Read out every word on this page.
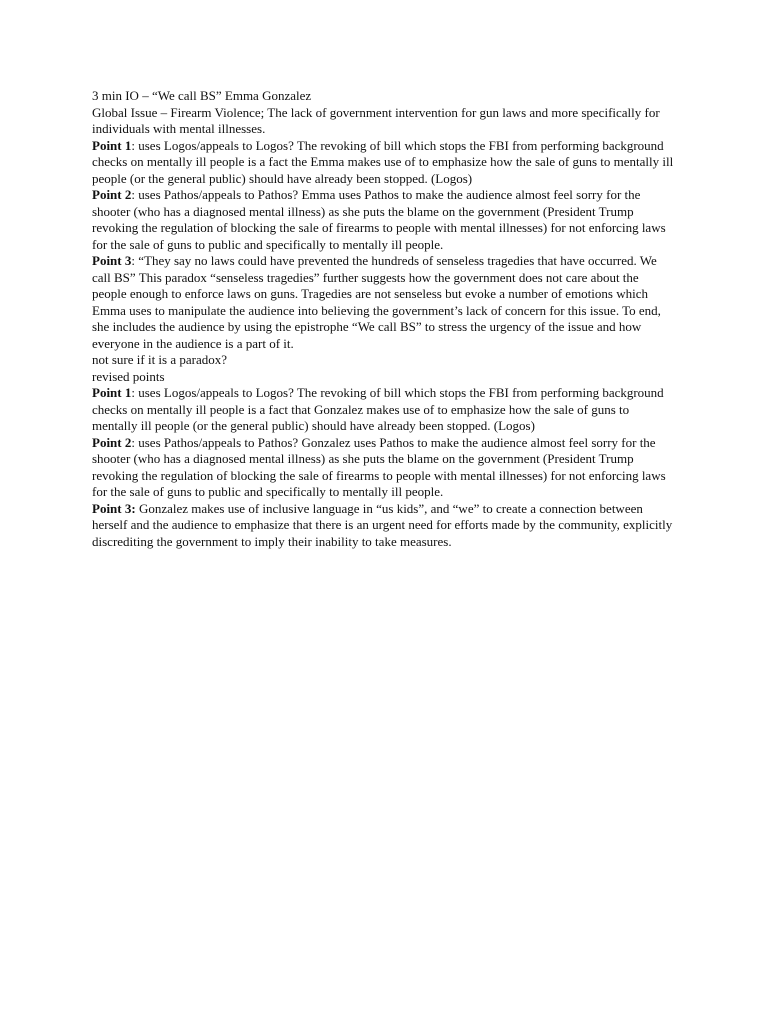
3 min IO – “We call BS” Emma Gonzalez

Global Issue – Firearm Violence; The lack of government intervention for gun laws and more specifically for individuals with mental illnesses.

Point 1: uses Logos/appeals to Logos? The revoking of bill which stops the FBI from performing background checks on mentally ill people is a fact the Emma makes use of to emphasize how the sale of guns to mentally ill people (or the general public) should have already been stopped. (Logos)

Point 2: uses Pathos/appeals to Pathos? Emma uses Pathos to make the audience almost feel sorry for the shooter (who has a diagnosed mental illness) as she puts the blame on the government (President Trump revoking the regulation of blocking the sale of firearms to people with mental illnesses) for not enforcing laws for the sale of guns to public and specifically to mentally ill people.

Point 3: “They say no laws could have prevented the hundreds of senseless tragedies that have occurred. We call BS” This paradox “senseless tragedies” further suggests how the government does not care about the people enough to enforce laws on guns. Tragedies are not senseless but evoke a number of emotions which Emma uses to manipulate the audience into believing the government’s lack of concern for this issue. To end, she includes the audience by using the epistrophe “We call BS” to stress the urgency of the issue and how everyone in the audience is a part of it.

not sure if it is a paradox?

revised points

Point 1: uses Logos/appeals to Logos? The revoking of bill which stops the FBI from performing background checks on mentally ill people is a fact that Gonzalez makes use of to emphasize how the sale of guns to mentally ill people (or the general public) should have already been stopped. (Logos)

Point 2: uses Pathos/appeals to Pathos? Gonzalez uses Pathos to make the audience almost feel sorry for the shooter (who has a diagnosed mental illness) as she puts the blame on the government (President Trump revoking the regulation of blocking the sale of firearms to people with mental illnesses) for not enforcing laws for the sale of guns to public and specifically to mentally ill people.

Point 3: Gonzalez makes use of inclusive language in “us kids”, and “we” to create a connection between herself and the audience to emphasize that there is an urgent need for efforts made by the community, explicitly discrediting the government to imply their inability to take measures.
